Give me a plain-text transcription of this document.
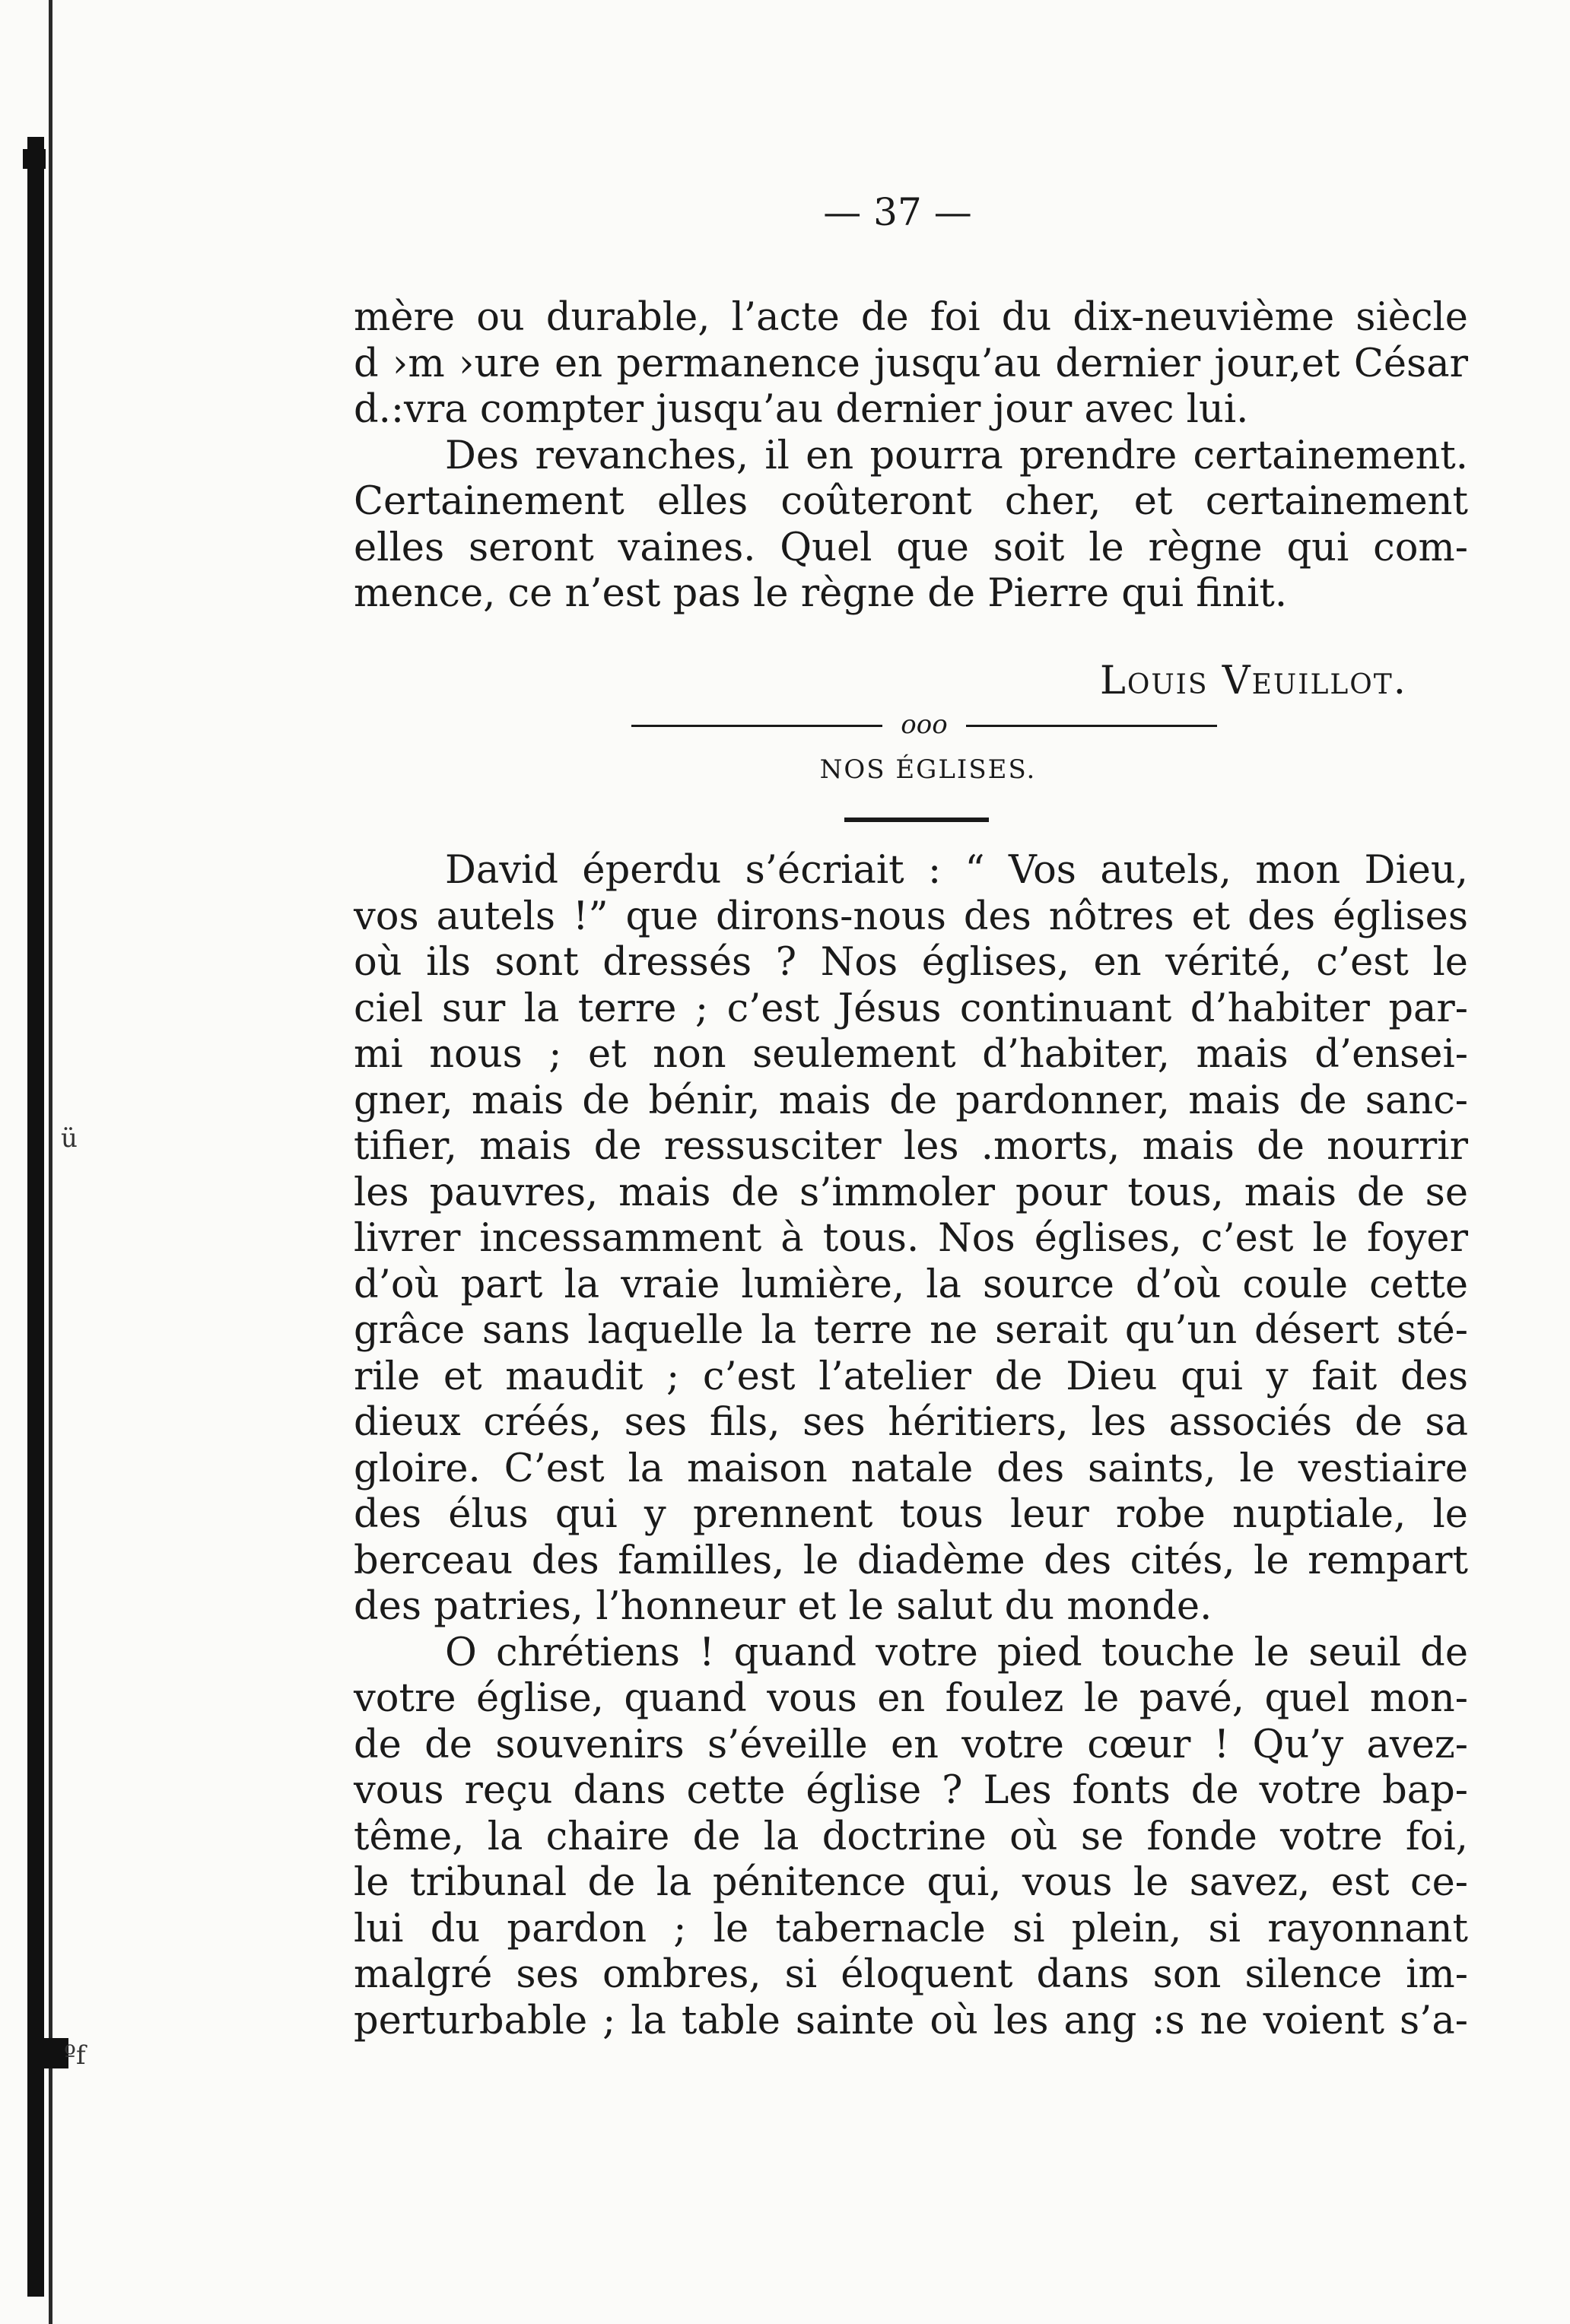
ü
ºf
— 37 —

mère ou durable, l’acte de foi du dix-neuvième siècle
d ›m ›ure en permanence jusqu’au dernier jour,et César
d.:vra compter jusqu’au dernier jour avec lui.

Des revanches, il en pourra prendre certainement.
Certainement elles coûteront cher, et certainement
elles seront vaines. Quel que soit le règne qui com-
mence, ce n’est pas le règne de Pierre qui finit.

Louis Veuillot.
ooo
NOS ÉGLISES.

David éperdu s’écriait : “ Vos autels, mon Dieu,
vos autels !” que dirons-nous des nôtres et des églises
où ils sont dressés ? Nos églises, en vérité, c’est le
ciel sur la terre ; c’est Jésus continuant d’habiter par-
mi nous ; et non seulement d’habiter, mais d’ensei-
gner, mais de bénir, mais de pardonner, mais de sanc-
tifier, mais de ressusciter les .morts, mais de nourrir
les pauvres, mais de s’immoler pour tous, mais de se
livrer incessamment à tous. Nos églises, c’est le foyer
d’où part la vraie lumière, la source d’où coule cette
grâce sans laquelle la terre ne serait qu’un désert sté-
rile et maudit ; c’est l’atelier de Dieu qui y fait des
dieux créés, ses fils, ses héritiers, les associés de sa
gloire. C’est la maison natale des saints, le vestiaire
des élus qui y prennent tous leur robe nuptiale, le
berceau des familles, le diadème des cités, le rempart
des patries, l’honneur et le salut du monde.

O chrétiens ! quand votre pied touche le seuil de
votre église, quand vous en foulez le pavé, quel mon-
de de souvenirs s’éveille en votre cœur ! Qu’y avez-
vous reçu dans cette église ? Les fonts de votre bap-
tême, la chaire de la doctrine où se fonde votre foi,
le tribunal de la pénitence qui, vous le savez, est ce-
lui du pardon ; le tabernacle si plein, si rayonnant
malgré ses ombres, si éloquent dans son silence im-
perturbable ; la table sainte où les ang :s ne voient s’a-
